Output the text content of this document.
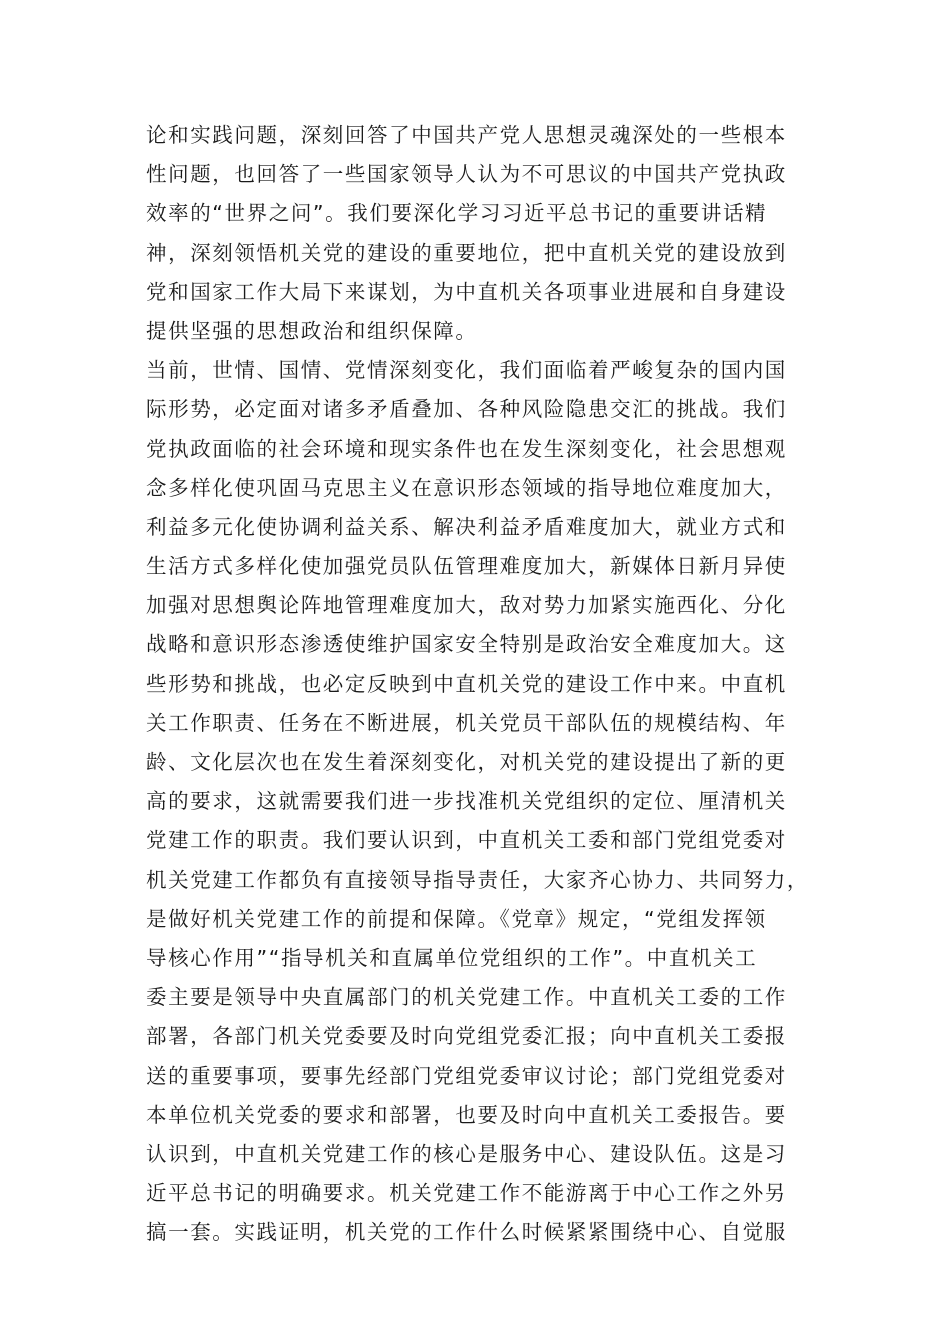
论和实践问题，深刻回答了中国共产党人思想灵魂深处的一些根本
性问题，也回答了一些国家领导人认为不可思议的中国共产党执政
效率的“世界之问”。我们要深化学习习近平总书记的重要讲话精
神，深刻领悟机关党的建设的重要地位，把中直机关党的建设放到
党和国家工作大局下来谋划，为中直机关各项事业进展和自身建设
提供坚强的思想政治和组织保障。
当前，世情、国情、党情深刻变化，我们面临着严峻复杂的国内国
际形势，必定面对诸多矛盾叠加、各种风险隐患交汇的挑战。我们
党执政面临的社会环境和现实条件也在发生深刻变化，社会思想观
念多样化使巩固马克思主义在意识形态领域的指导地位难度加大，
利益多元化使协调利益关系、解决利益矛盾难度加大，就业方式和
生活方式多样化使加强党员队伍管理难度加大，新媒体日新月异使
加强对思想舆论阵地管理难度加大，敌对势力加紧实施西化、分化
战略和意识形态渗透使维护国家安全特别是政治安全难度加大。这
些形势和挑战，也必定反映到中直机关党的建设工作中来。中直机
关工作职责、任务在不断进展，机关党员干部队伍的规模结构、年
龄、文化层次也在发生着深刻变化，对机关党的建设提出了新的更
高的要求，这就需要我们进一步找准机关党组织的定位、厘清机关
党建工作的职责。我们要认识到，中直机关工委和部门党组党委对
机关党建工作都负有直接领导指导责任，大家齐心协力、共同努力，
是做好机关党建工作的前提和保障。《党章》规定，“党组发挥领
导核心作用”“指导机关和直属单位党组织的工作”。中直机关工
委主要是领导中央直属部门的机关党建工作。中直机关工委的工作
部署，各部门机关党委要及时向党组党委汇报；向中直机关工委报
送的重要事项，要事先经部门党组党委审议讨论；部门党组党委对
本单位机关党委的要求和部署，也要及时向中直机关工委报告。要
认识到，中直机关党建工作的核心是服务中心、建设队伍。这是习
近平总书记的明确要求。机关党建工作不能游离于中心工作之外另
搞一套。实践证明，机关党的工作什么时候紧紧围绕中心、自觉服
